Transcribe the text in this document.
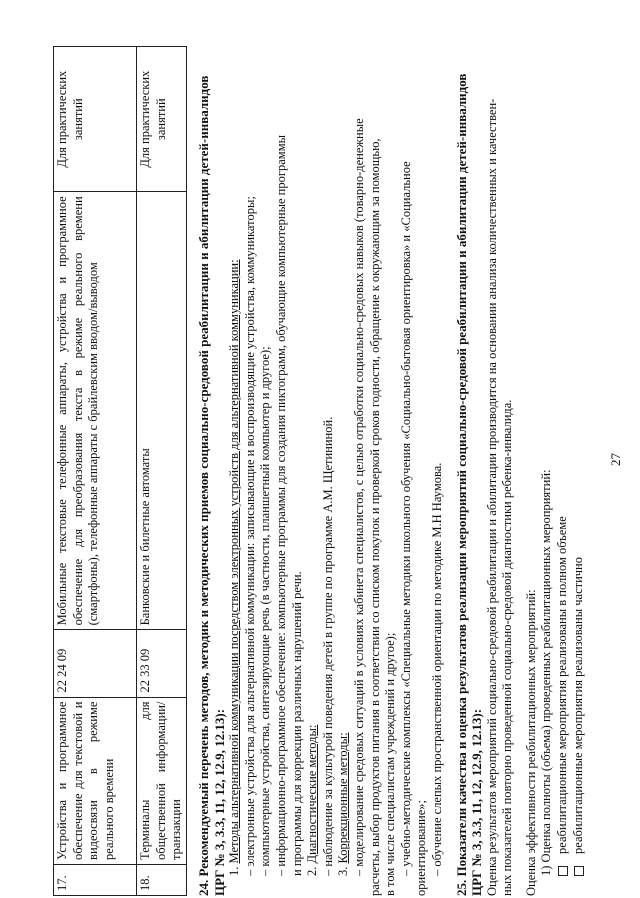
27
17.	Устройства и программное обеспечение для текстовой и видеосвязи в режиме реального времени	22 24 09	Мобильные текстовые телефонные аппараты, устройства и программное обеспечение для преобразования текста в режиме реального времени (смартфоны), телефонные аппараты с брайлевским вводом/выводом	Для практических занятий
18.	Терминалы для общественной информации/транзакции	22 33 09	Банковские и билетные автоматы	Для практических занятий 24. Рекомендуемый перечень методов, методик и методических приемов социально-средовой реабилитации и абилитации детей-инвалидов ЦРГ № 3, 3.3, 11, 12, 12.9, 12.13): 1. Методы альтернативной коммуникации посредством электронных устройств для альтернативной коммуникации: – электронные устройства для альтернативной коммуникации: записывающие и воспроизводящие устройства, коммуникаторы; – компьютерные устройства, синтезирующие речь (в частности, планшетный компьютер и другое); – информационно-программное обеспечение: компьютерные программы для создания пиктограмм, обучающие компьютерные программы и программы для коррекции различных нарушений речи. 2. Диагностические методы: – наблюдение за культурой поведения детей в группе по программе А.М. Щетининой. 3. Коррекционные методы: – моделирование средовых ситуаций в условиях кабинета специалистов, с целью отработки социально-средовых навыков (товарно-денежные расчеты, выбор продуктов питания в соответствии со списком покупок и проверкой сроков годности, обращение к окружающим за помощью, в том числе специалистам учреждений и другое); – учебно-методические комплексы «Специальные методики школьного обучения «Социально-бытовая ориентировка» и «Социальное ориентирование»; – обучение слепых пространственной ориентации по методике М.Н Наумова. 25. Показатели качества и оценка результатов реализации мероприятий социально-средовой реабилитации и абилитации детей-инвалидов ЦРГ № 3, 3.3, 11, 12, 12.9, 12.13): Оценка результатов мероприятий социально-средовой реабилитации и абилитации производится на основании анализа количественных и качествен- ных показателей повторно проведенной социально-средовой диагностики ребенка-инвалида. Оценка эффективности реабилитационных мероприятий: 1) Оценка полноты (объема) проведенных реабилитационных мероприятий: реабилитационные мероприятия реализованы в полном объеме реабилитационные мероприятия реализованы частично
